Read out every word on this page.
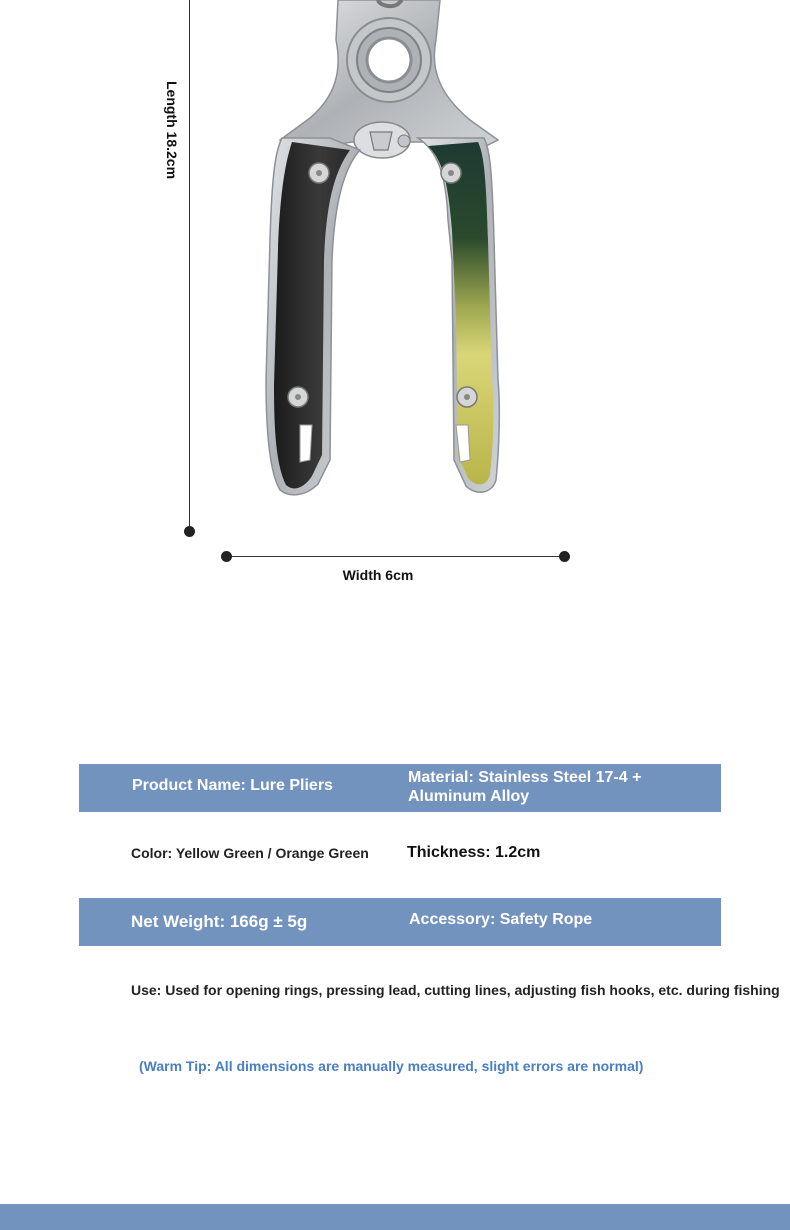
Length 18.2cm
Width 6cm
Product Name: Lure Pliers	Material: Stainless Steel 17-4 +
Aluminum Alloy
Color: Yellow Green / Orange Green Thickness: 1.2cm
Net Weight: 166g ± 5g	Accessory: Safety Rope
Use: Used for opening rings, pressing lead, cutting lines, adjusting fish hooks, etc. during fishing
(Warm Tip: All dimensions are manually measured, slight errors are normal)
